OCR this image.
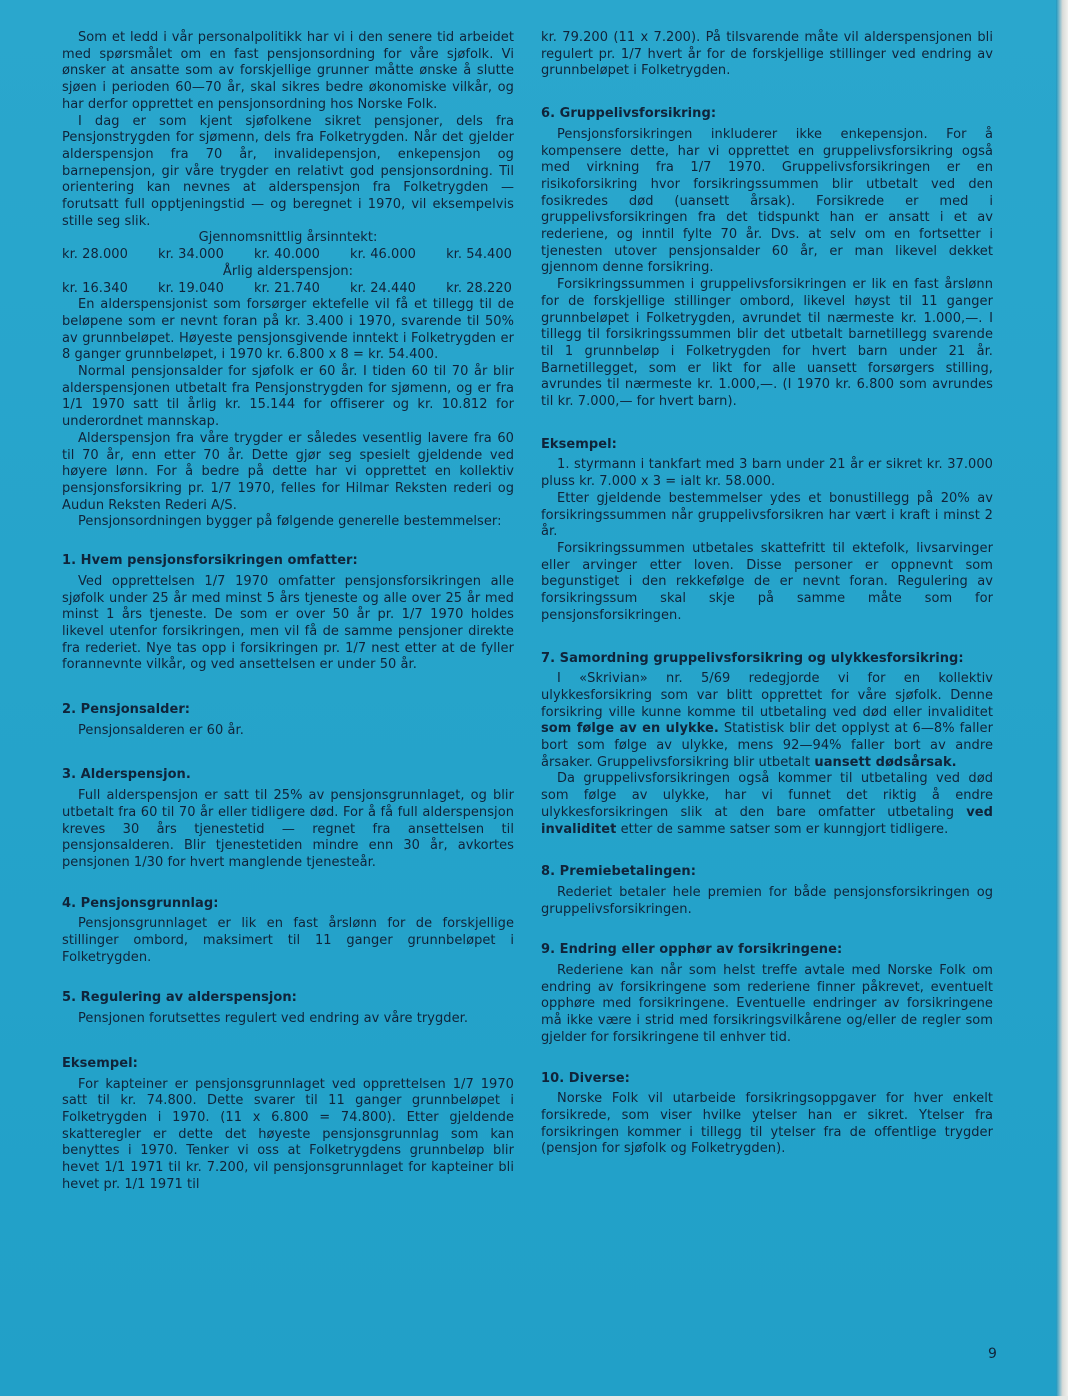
Som et ledd i vår personalpolitikk har vi i den senere tid arbeidet med spørsmålet om en fast pensjonsordning for våre sjøfolk. Vi ønsker at ansatte som av forskjellige grunner måtte ønske å slutte sjøen i perioden 60—70 år, skal sikres bedre økonomiske vilkår, og har derfor opprettet en pensjonsordning hos Norske Folk.

I dag er som kjent sjøfolkene sikret pensjoner, dels fra Pensjonstrygden for sjømenn, dels fra Folketrygden. Når det gjelder alderspensjon fra 70 år, invalidepensjon, enkepensjon og barnepensjon, gir våre trygder en relativt god pensjonsordning. Til orientering kan nevnes at alderspensjon fra Folketrygden — forutsatt full opptjeningstid — og beregnet i 1970, vil eksempelvis stille seg slik.

Gjennomsnittlig årsinntekt:

kr. 28.000 kr. 34.000 kr. 40.000 kr. 46.000 kr. 54.400

Årlig alderspensjon:

kr. 16.340 kr. 19.040 kr. 21.740 kr. 24.440 kr. 28.220

En alderspensjonist som forsørger ektefelle vil få et tillegg til de beløpene som er nevnt foran på kr. 3.400 i 1970, svarende til 50% av grunnbeløpet. Høyeste pensjonsgivende inntekt i Folketrygden er 8 ganger grunnbeløpet, i 1970 kr. 6.800 x 8 = kr. 54.400.

Normal pensjonsalder for sjøfolk er 60 år. I tiden 60 til 70 år blir alderspensjonen utbetalt fra Pensjonstrygden for sjømenn, og er fra 1/1 1970 satt til årlig kr. 15.144 for offiserer og kr. 10.812 for underordnet mannskap.

Alderspensjon fra våre trygder er således vesentlig lavere fra 60 til 70 år, enn etter 70 år. Dette gjør seg spesielt gjeldende ved høyere lønn. For å bedre på dette har vi opprettet en kollektiv pensjonsforsikring pr. 1/7 1970, felles for Hilmar Reksten rederi og Audun Reksten Rederi A/S.

Pensjonsordningen bygger på følgende generelle bestemmelser:

1. Hvem pensjonsforsikringen omfatter:

Ved opprettelsen 1/7 1970 omfatter pensjonsforsikringen alle sjøfolk under 25 år med minst 5 års tjeneste og alle over 25 år med minst 1 års tjeneste. De som er over 50 år pr. 1/7 1970 holdes likevel utenfor forsikringen, men vil få de samme pensjoner direkte fra rederiet. Nye tas opp i forsikringen pr. 1/7 nest etter at de fyller forannevnte vilkår, og ved ansettelsen er under 50 år.

2. Pensjonsalder:

Pensjonsalderen er 60 år.

3. Alderspensjon.

Full alderspensjon er satt til 25% av pensjonsgrunnlaget, og blir utbetalt fra 60 til 70 år eller tidligere død. For å få full alderspensjon kreves 30 års tjenestetid — regnet fra ansettelsen til pensjonsalderen. Blir tjenestetiden mindre enn 30 år, avkortes pensjonen 1/30 for hvert manglende tjenesteår.

4. Pensjonsgrunnlag:

Pensjonsgrunnlaget er lik en fast årslønn for de forskjellige stillinger ombord, maksimert til 11 ganger grunnbeløpet i Folketrygden.

5. Regulering av alderspensjon:

Pensjonen forutsettes regulert ved endring av våre trygder.

Eksempel:

For kapteiner er pensjonsgrunnlaget ved opprettelsen 1/7 1970 satt til kr. 74.800. Dette svarer til 11 ganger grunnbeløpet i Folketrygden i 1970. (11 x 6.800 = 74.800). Etter gjeldende skatteregler er dette det høyeste pensjonsgrunnlag som kan benyttes i 1970. Tenker vi oss at Folketrygdens grunnbeløp blir hevet 1/1 1971 til kr. 7.200, vil pensjonsgrunnlaget for kapteiner bli hevet pr. 1/1 1971 til

kr. 79.200 (11 x 7.200). På tilsvarende måte vil alderspensjonen bli regulert pr. 1/7 hvert år for de forskjellige stillinger ved endring av grunnbeløpet i Folketrygden.

6. Gruppelivsforsikring:

Pensjonsforsikringen inkluderer ikke enkepensjon. For å kompensere dette, har vi opprettet en gruppelivsforsikring også med virkning fra 1/7 1970. Gruppelivsforsikringen er en risikoforsikring hvor forsikringssummen blir utbetalt ved den fosikredes død (uansett årsak). Forsikrede er med i gruppelivsforsikringen fra det tidspunkt han er ansatt i et av rederiene, og inntil fylte 70 år. Dvs. at selv om en fortsetter i tjenesten utover pensjonsalder 60 år, er man likevel dekket gjennom denne forsikring.

Forsikringssummen i gruppelivsforsikringen er lik en fast årslønn for de forskjellige stillinger ombord, likevel høyst til 11 ganger grunnbeløpet i Folketrygden, avrundet til nærmeste kr. 1.000,—. I tillegg til forsikringssummen blir det utbetalt barnetillegg svarende til 1 grunnbeløp i Folketrygden for hvert barn under 21 år. Barnetillegget, som er likt for alle uansett forsørgers stilling, avrundes til nærmeste kr. 1.000,—. (I 1970 kr. 6.800 som avrundes til kr. 7.000,— for hvert barn).

Eksempel:

1. styrmann i tankfart med 3 barn under 21 år er sikret kr. 37.000 pluss kr. 7.000 x 3 = ialt kr. 58.000.

Etter gjeldende bestemmelser ydes et bonustillegg på 20% av forsikringssummen når gruppelivsforsikren har vært i kraft i minst 2 år.

Forsikringssummen utbetales skattefritt til ektefolk, livsarvinger eller arvinger etter loven. Disse personer er oppnevnt som begunstiget i den rekkefølge de er nevnt foran. Regulering av forsikringssum skal skje på samme måte som for pensjonsforsikringen.

7. Samordning gruppelivsforsikring og ulykkesforsikring:

I «Skrivian» nr. 5/69 redegjorde vi for en kollektiv ulykkesforsikring som var blitt opprettet for våre sjøfolk. Denne forsikring ville kunne komme til utbetaling ved død eller invaliditet som følge av en ulykke. Statistisk blir det opplyst at 6—8% faller bort som følge av ulykke, mens 92—94% faller bort av andre årsaker. Gruppelivsforsikring blir utbetalt uansett dødsårsak.

Da gruppelivsforsikringen også kommer til utbetaling ved død som følge av ulykke, har vi funnet det riktig å endre ulykkesforsikringen slik at den bare omfatter utbetaling ved invaliditet etter de samme satser som er kunngjort tidligere.

8. Premiebetalingen:

Rederiet betaler hele premien for både pensjonsforsikringen og gruppelivsforsikringen.

9. Endring eller opphør av forsikringene:

Rederiene kan når som helst treffe avtale med Norske Folk om endring av forsikringene som rederiene finner påkrevet, eventuelt opphøre med forsikringene. Eventuelle endringer av forsikringene må ikke være i strid med forsikringsvilkårene og/eller de regler som gjelder for forsikringene til enhver tid.

10. Diverse:

Norske Folk vil utarbeide forsikringsoppgaver for hver enkelt forsikrede, som viser hvilke ytelser han er sikret. Ytelser fra forsikringen kommer i tillegg til ytelser fra de offentlige trygder (pensjon for sjøfolk og Folketrygden).

9
